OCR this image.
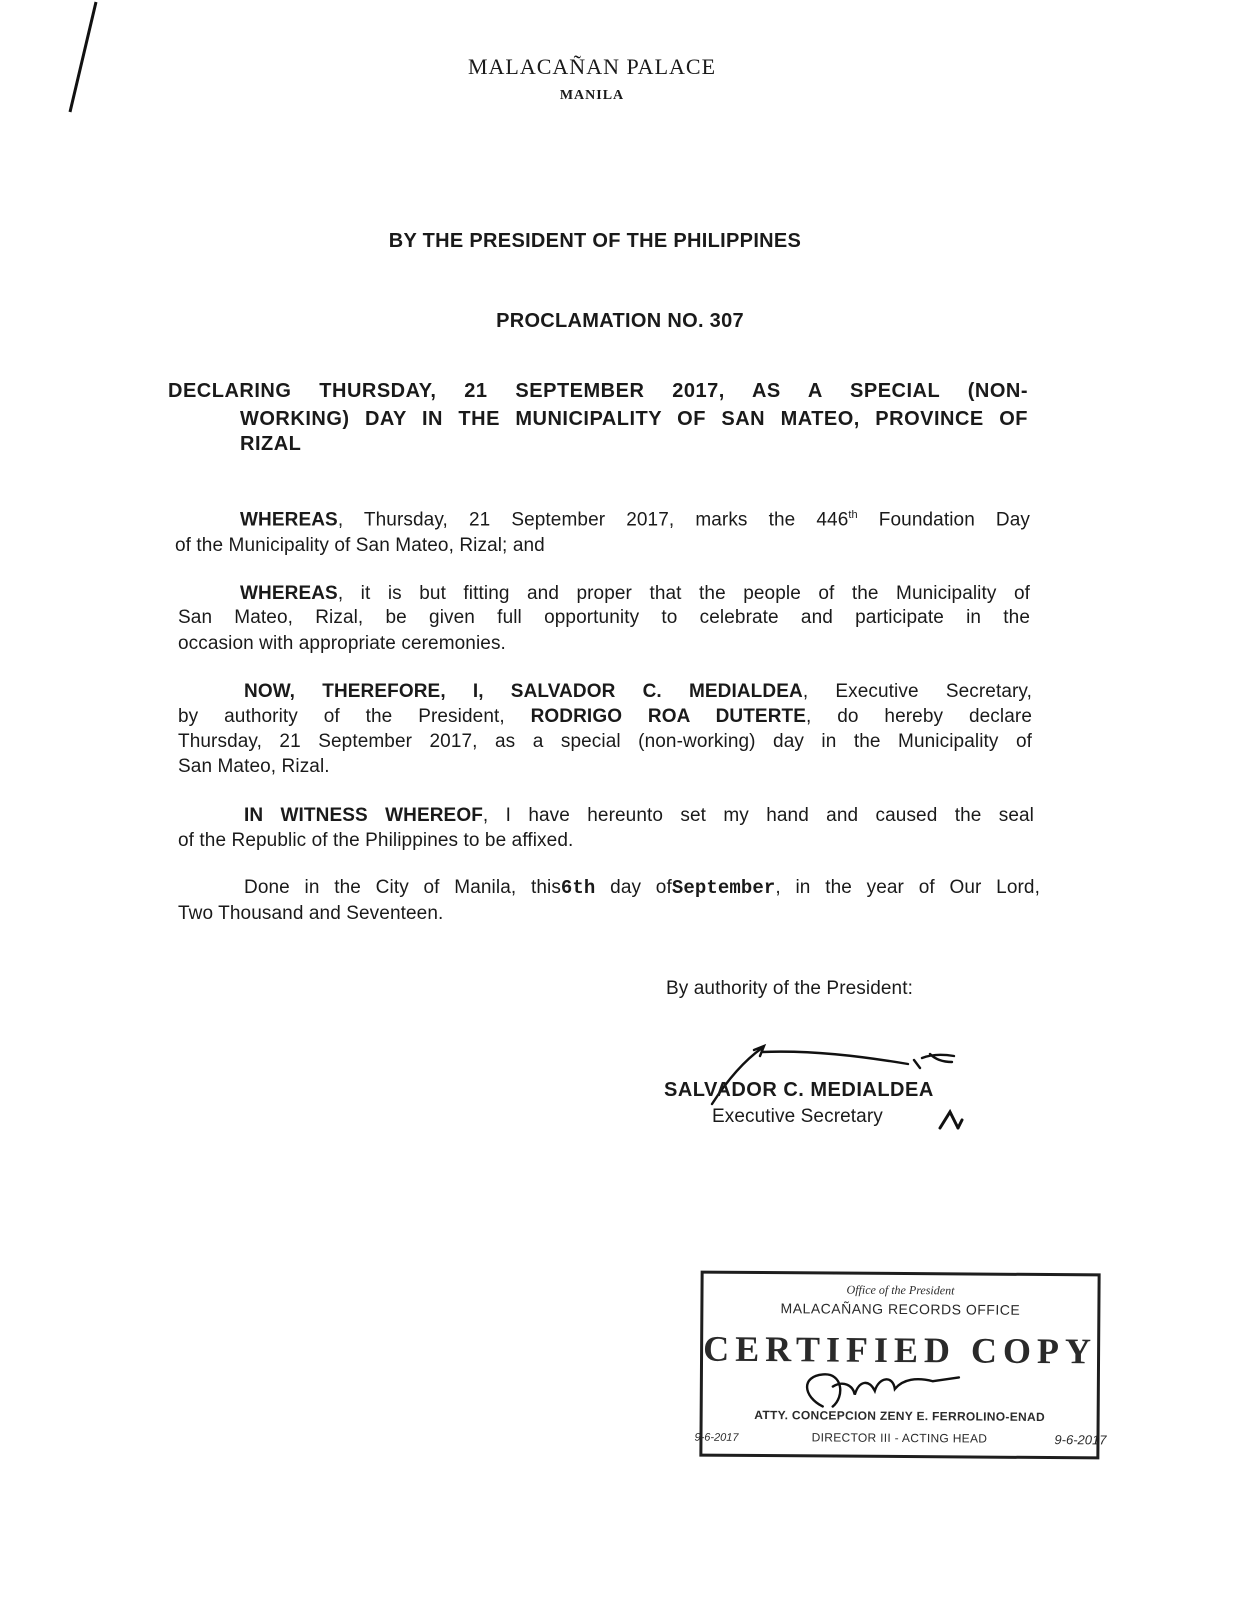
MALACAÑAN PALACE
MANILA
BY THE PRESIDENT OF THE PHILIPPINES
PROCLAMATION NO. 307
DECLARING THURSDAY, 21 SEPTEMBER 2017, AS A SPECIAL (NON-
WORKING) DAY IN THE MUNICIPALITY OF SAN MATEO, PROVINCE OF
RIZAL
WHEREAS, Thursday, 21 September 2017, marks the 446th Foundation Day
of the Municipality of San Mateo, Rizal; and
WHEREAS, it is but fitting and proper that the people of the Municipality of
San Mateo, Rizal, be given full opportunity to celebrate and participate in the
occasion with appropriate ceremonies.
NOW, THEREFORE, I, SALVADOR C. MEDIALDEA, Executive Secretary,
by authority of the President, RODRIGO ROA DUTERTE, do hereby declare
Thursday, 21 September 2017, as a special (non-working) day in the Municipality of
San Mateo, Rizal.
IN WITNESS WHEREOF, I have hereunto set my hand and caused the seal
of the Republic of the Philippines to be affixed.
Done in the City of Manila, this6th day ofSeptember, in the year of Our Lord,
Two Thousand and Seventeen.
By authority of the President:
SALVADOR C. MEDIALDEA
Executive Secretary
Office of the President
MALACAÑANG RECORDS OFFICE
CERTIFIED COPY
ATTY. CONCEPCION ZENY E. FERROLINO-ENAD
DIRECTOR III - ACTING HEAD
9-6-2017	9-6-2017
